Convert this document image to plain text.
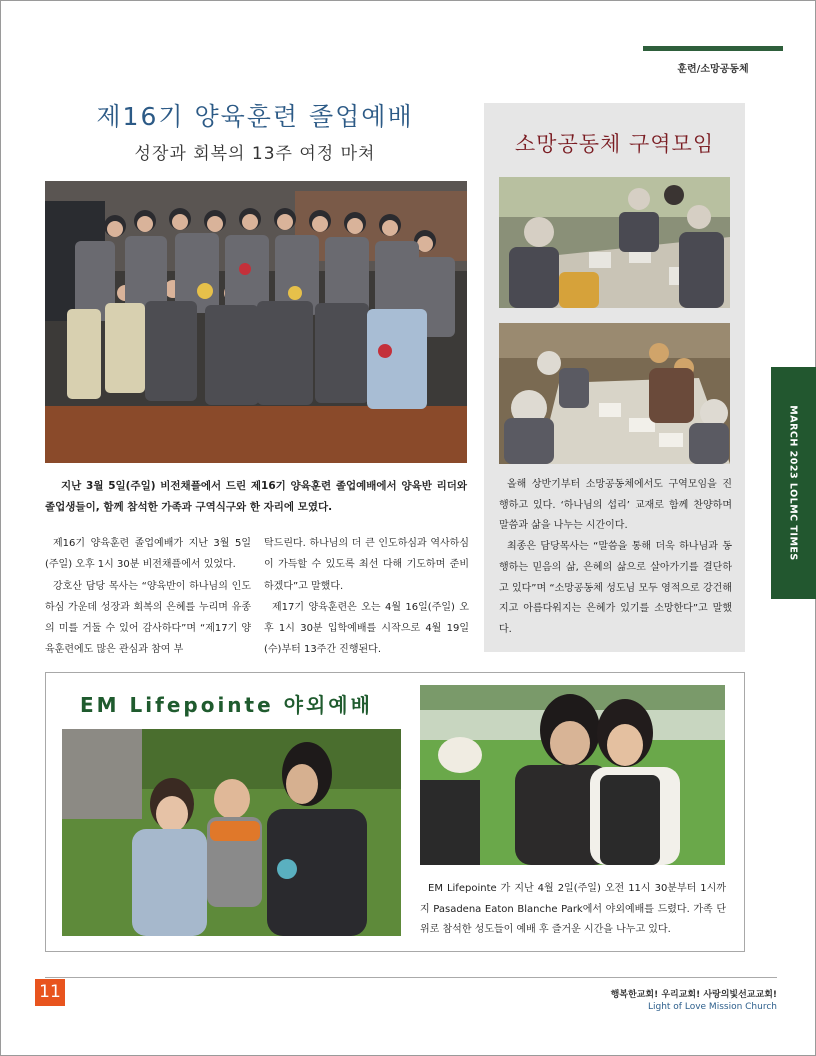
훈련/소망공동체
제16기 양육훈련 졸업예배
성장과 회복의 13주 여정 마쳐
지난 3월 5일(주일) 비전채플에서 드린 제16기 양육훈련 졸업예배에서 양육반 리더와 졸업생들이, 함께 참석한 가족과 구역식구와 한 자리에 모였다.

제16기 양육훈련 졸업예배가 지난 3월 5일(주일) 오후 1시 30분 비전채플에서 있었다.

강호산 담당 목사는 “양육반이 하나님의 인도하심 가운데 성장과 회복의 은혜를 누리며 유종의 미를 거둘 수 있어 감사하다”며 “제17기 양육훈련에도 많은 관심과 참여 부

탁드린다. 하나님의 더 큰 인도하심과 역사하심이 가득할 수 있도록 최선 다해 기도하며 준비하겠다”고 말했다.

제17기 양육훈련은 오는 4월 16일(주일) 오후 1시 30분 입학예배를 시작으로 4월 19일(수)부터 13주간 진행된다.

소망공동체 구역모임

올해 상반기부터 소망공동체에서도 구역모임을 진행하고 있다. ‘하나님의 섭리’ 교재로 함께 찬양하며 말씀과 삶을 나누는 시간이다.

최종은 담당목사는 “말씀을 통해 더욱 하나님과 동행하는 믿음의 삶, 은혜의 삶으로 살아가기를 결단하고 있다”며 “소망공동체 성도님 모두 영적으로 강건해지고 아름다워지는 은혜가 있기를 소망한다”고 말했다.

MARCH 2023 LOLMC TIMES
EM Lifepointe 야외예배
EM Lifepointe 가 지난 4월 2일(주일) 오전 11시 30분부터 1시까지 Pasadena Eaton Blanche Park에서 야외예배를 드렸다. 가족 단위로 참석한 성도들이 예배 후 즐거운 시간을 나누고 있다.
11	행복한교회! 우리교회! 사랑의빛선교교회!
Light of Love Mission Church
